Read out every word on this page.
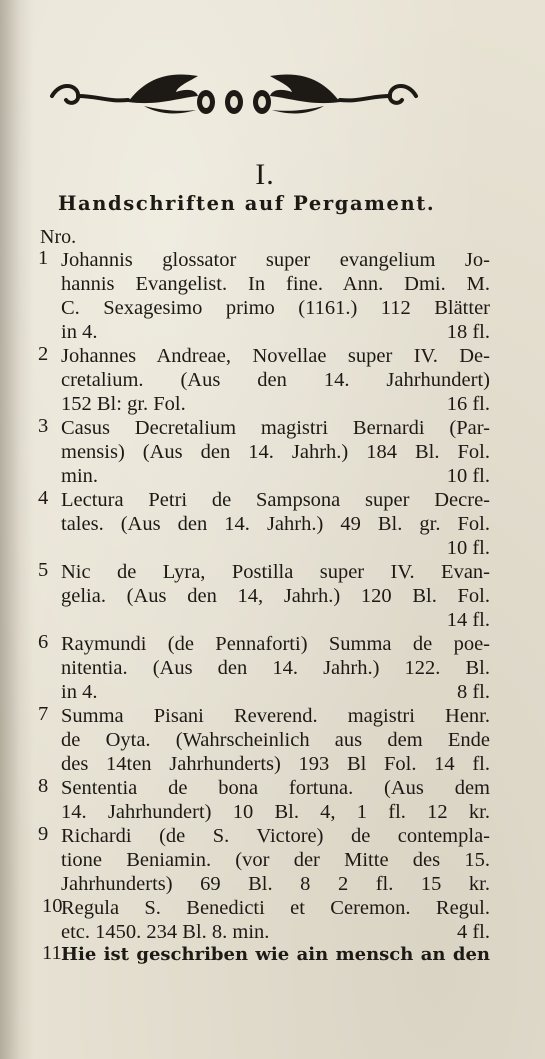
I.
Handschriften auf Pergament.
Nro.
1 Johannis glossator super evangelium Jo-
hannis Evangelist. In fine. Ann. Dmi. M.
C. Sexagesimo primo (1161.) 112 Blätter
in 4.	18 fl.
2 Johannes Andreae, Novellae super IV. De-
cretalium. (Aus den 14. Jahrhundert)
152 Bl: gr. Fol.	16 fl.
3 Casus Decretalium magistri Bernardi (Par-
mensis) (Aus den 14. Jahrh.) 184 Bl. Fol.
min.	10 fl.
4 Lectura Petri de Sampsona super Decre-
tales. (Aus den 14. Jahrh.) 49 Bl. gr. Fol.
10 fl.
5 Nic de Lyra, Postilla super IV. Evan-
gelia. (Aus den 14, Jahrh.) 120 Bl. Fol.
14 fl.
6 Raymundi (de Pennaforti) Summa de poe-
nitentia. (Aus den 14. Jahrh.) 122. Bl.
in 4.	8 fl.
7 Summa Pisani Reverend. magistri Henr.
de Oyta. (Wahrscheinlich aus dem Ende
des 14ten Jahrhunderts) 193 Bl Fol. 14 fl.
8 Sententia de bona fortuna. (Aus dem
14. Jahrhundert) 10 Bl. 4, 1 fl. 12 kr.
9 Richardi (de S. Victore) de contempla-
tione Beniamin. (vor der Mitte des 15.
Jahrhunderts) 69 Bl. 8 2 fl. 15 kr.
10
Regula S. Benedicti et Ceremon. Regul.
etc. 1450. 234 Bl. 8. min.	4 fl.
11 Hie ist geschriben wie ain mensch an den
